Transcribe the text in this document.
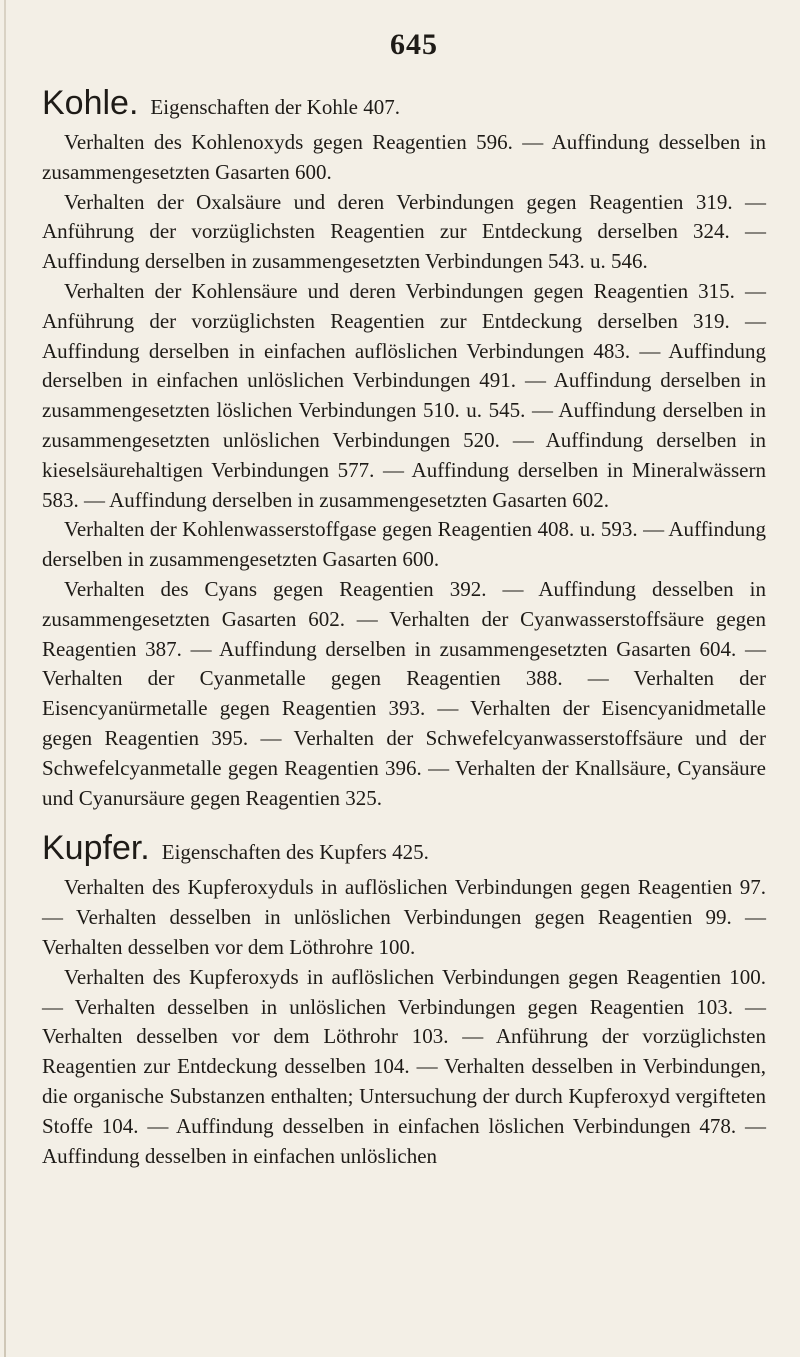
645
Kohle. Eigenschaften der Kohle 407.

Verhalten des Kohlenoxyds gegen Reagentien 596. — Auffindung desselben in zusammengesetzten Gasarten 600.

Verhalten der Oxalsäure und deren Verbindungen gegen Reagentien 319. — Anführung der vorzüglichsten Reagentien zur Entdeckung derselben 324. — Auffindung derselben in zusammengesetzten Verbindungen 543. u. 546.

Verhalten der Kohlensäure und deren Verbindungen gegen Reagentien 315. — Anführung der vorzüglichsten Reagentien zur Entdeckung derselben 319. — Auffindung derselben in einfachen auflöslichen Verbindungen 483. — Auffindung derselben in einfachen unlöslichen Verbindungen 491. — Auffindung derselben in zusammengesetzten löslichen Verbindungen 510. u. 545. — Auffindung derselben in zusammengesetzten unlöslichen Verbindungen 520. — Auffindung derselben in kieselsäurehaltigen Verbindungen 577. — Auffindung derselben in Mineralwässern 583. — Auffindung derselben in zusammengesetzten Gasarten 602.

Verhalten der Kohlenwasserstoffgase gegen Reagentien 408. u. 593. — Auffindung derselben in zusammengesetzten Gasarten 600.

Verhalten des Cyans gegen Reagentien 392. — Auffindung desselben in zusammengesetzten Gasarten 602. — Verhalten der Cyanwasserstoffsäure gegen Reagentien 387. — Auffindung derselben in zusammengesetzten Gasarten 604. — Verhalten der Cyanmetalle gegen Reagentien 388. — Verhalten der Eisencyanürmetalle gegen Reagentien 393. — Verhalten der Eisencyanidmetalle gegen Reagentien 395. — Verhalten der Schwefelcyanwasserstoffsäure und der Schwefelcyanmetalle gegen Reagentien 396. — Verhalten der Knallsäure, Cyansäure und Cyanursäure gegen Reagentien 325.

Kupfer. Eigenschaften des Kupfers 425.

Verhalten des Kupferoxyduls in auflöslichen Verbindungen gegen Reagentien 97. — Verhalten desselben in unlöslichen Verbindungen gegen Reagentien 99. — Verhalten desselben vor dem Löthrohre 100.

Verhalten des Kupferoxyds in auflöslichen Verbindungen gegen Reagentien 100. — Verhalten desselben in unlöslichen Verbindungen gegen Reagentien 103. — Verhalten desselben vor dem Löthrohr 103. — Anführung der vorzüglichsten Reagentien zur Entdeckung desselben 104. — Verhalten desselben in Verbindungen, die organische Substanzen enthalten; Untersuchung der durch Kupferoxyd vergifteten Stoffe 104. — Auffindung desselben in einfachen löslichen Verbindungen 478. — Auffindung desselben in einfachen unlöslichen
